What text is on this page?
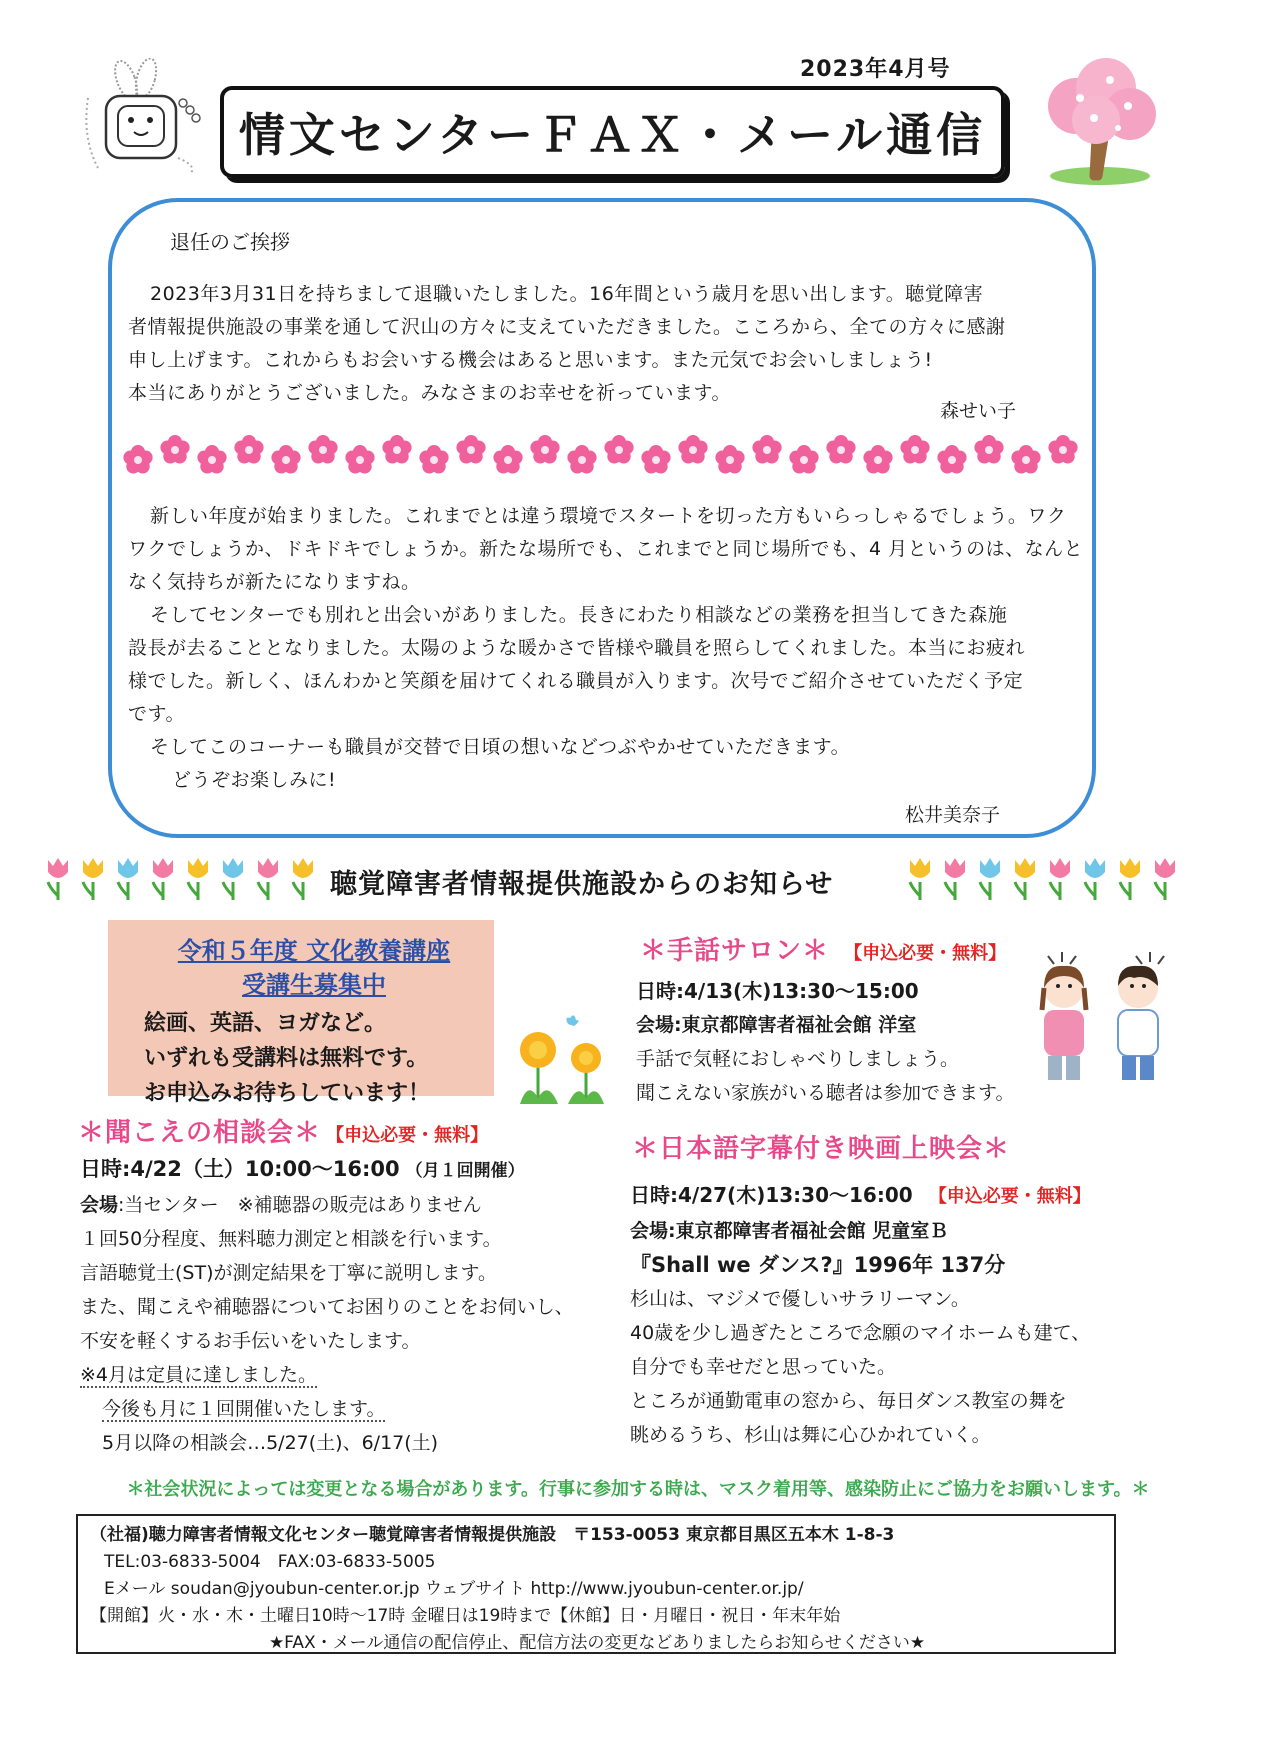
2023年4月号
情文センターＦＡＸ・メール通信
退任のご挨拶
2023年3月31日を持ちまして退職いたしました。16年間という歳月を思い出します。聴覚障害
者情報提供施設の事業を通して沢山の方々に支えていただきました。こころから、全ての方々に感謝
申し上げます。これからもお会いする機会はあると思います。また元気でお会いしましょう!
本当にありがとうございました。みなさまのお幸せを祈っています。
森せい子
新しい年度が始まりました。これまでとは違う環境でスタートを切った方もいらっしゃるでしょう。ワク
ワクでしょうか、ドキドキでしょうか。新たな場所でも、これまでと同じ場所でも、4 月というのは、なんと
なく気持ちが新たになりますね。
そしてセンターでも別れと出会いがありました。長きにわたり相談などの業務を担当してきた森施
設長が去ることとなりました。太陽のような暖かさで皆様や職員を照らしてくれました。本当にお疲れ
様でした。新しく、ほんわかと笑顔を届けてくれる職員が入ります。次号でご紹介させていただく予定
です。
そしてこのコーナーも職員が交替で日頃の想いなどつぶやかせていただきます。
どうぞお楽しみに!
松井美奈子
聴覚障害者情報提供施設からのお知らせ
令和５年度 文化教養講座
受講生募集中
絵画、英語、ヨガなど。
いずれも受講料は無料です。
お申込みお待ちしています！
＊聞こえの相談会＊ 【申込必要・無料】
日時:4/22（土）10:00～16:00 （月１回開催）
会場:当センター　※補聴器の販売はありません
１回50分程度、無料聴力測定と相談を行います。
言語聴覚士(ST)が測定結果を丁寧に説明します。
また、聞こえや補聴器についてお困りのことをお伺いし、
不安を軽くするお手伝いをいたします。
※4月は定員に達しました。
今後も月に１回開催いたします。
5月以降の相談会…5/27(土)、6/17(土)
＊手話サロン＊ 【申込必要・無料】
日時:4/13(木)13:30～15:00
会場:東京都障害者福祉会館 洋室
手話で気軽におしゃべりしましょう。
聞こえない家族がいる聴者は参加できます。
＊日本語字幕付き映画上映会＊
日時:4/27(木)13:30～16:00 【申込必要・無料】
会場:東京都障害者福祉会館 児童室Ｂ
『Shall we ダンス?』1996年 137分
杉山は、マジメで優しいサラリーマン。
40歳を少し過ぎたところで念願のマイホームも建て、
自分でも幸せだと思っていた。
ところが通勤電車の窓から、毎日ダンス教室の舞を
眺めるうち、杉山は舞に心ひかれていく。
＊社会状況によっては変更となる場合があります。行事に参加する時は、マスク着用等、感染防止にご協力をお願いします。＊
（社福)聴力障害者情報文化センター聴覚障害者情報提供施設　〒153-0053 東京都目黒区五本木 1-8-3
TEL:03-6833-5004　FAX:03-6833-5005
Eメール soudan@jyoubun-center.or.jp ウェブサイト http://www.jyoubun-center.or.jp/
【開館】火・水・木・土曜日10時～17時 金曜日は19時まで【休館】日・月曜日・祝日・年末年始
★FAX・メール通信の配信停止、配信方法の変更などありましたらお知らせください★
